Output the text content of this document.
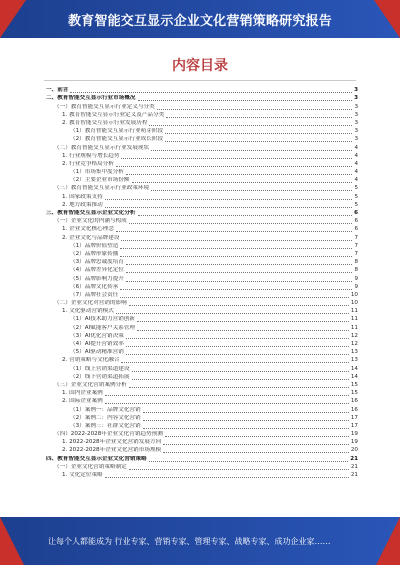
教育智能交互显示企业文化营销策略研究报告
内容目录
一、前言	3
二、教育智能交互显示行业市场概况	3
（一）教育智能交互显示行业定义与分类	3
1. 教育智能交互显示行业定义及产品分类	3
2. 教育智能交互显示行业发展历程	3
（1）教育智能交互显示行业萌芽阶段	3
（2）教育智能交互显示行业成长阶段	3
（二）教育智能交互显示行业发展现状	4
1. 行业规模与增长趋势	4
2. 行业竞争格局分析	4
（1）市场集中度分析	4
（2）主要企业市场份额	4
（三）教育智能交互显示行业政策环境	5
1. 国家政策支持	5
2. 地方政策推动	5
三、教育智能交互显示企业文化分析	6
（一）企业文化的内涵与构成	6
1. 企业文化核心理念	6
2. 企业文化与品牌建设	7
（1）品牌价值塑造	7
（2）品牌形象传播	7
（3）品牌忠诚度培育	8
（4）品牌差异化定位	8
（5）品牌影响力提升	9
（6）品牌文化传承	9
（7）品牌社会责任	10
（二）企业文化对营销的影响	10
1. 文化驱动营销模式	11
（1）AI技术助力营销创新	11
（2）AI赋能客户关系管理	11
（3）AI优化营销决策	12
（4）AI提升营销效率	12
（5）AI驱动精准营销	13
2. 营销策略与文化融合	13
（1）线上营销渠道建设	14
（2）线下营销渠道拓展	14
（三）企业文化营销案例分析	15
1. 国内企业案例	15
2. 国际企业案例	16
（1）案例一：品牌文化营销	16
（2）案例二：内容文化营销	17
（3）案例三：社群文化营销	17
（四）2022-2028年企业文化营销趋势预测	19
1. 2022-2028年企业文化营销发展方向	19
2. 2022-2028年企业文化营销市场规模	20
四、教育智能交互显示企业文化营销策略	21
（一）企业文化营销策略制定	21
1. 文化定位策略	21
让每个人都能成为 行业专家、营销专家、管理专家、战略专家、成功企业家……
